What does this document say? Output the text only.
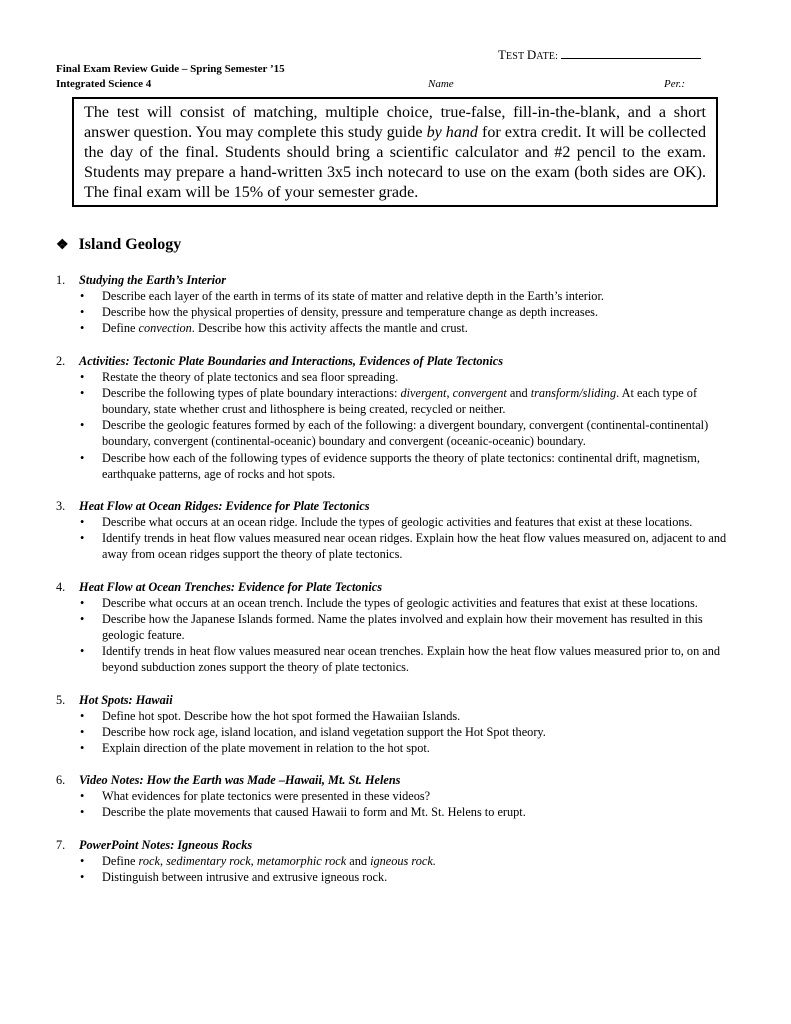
TEST DATE:
Final Exam Review Guide – Spring Semester ’15
Integrated Science 4	Name	Per.:
The test will consist of matching, multiple choice, true-false, fill-in-the-blank, and a short answer question. You may complete this study guide by hand for extra credit. It will be collected the day of the final. Students should bring a scientific calculator and #2 pencil to the exam. Students may prepare a hand-written 3x5 inch notecard to use on the exam (both sides are OK). The final exam will be 15% of your semester grade.
❖ Island Geology
1. Studying the Earth’s Interior
• Describe each layer of the earth in terms of its state of matter and relative depth in the Earth’s interior.
• Describe how the physical properties of density, pressure and temperature change as depth increases.
• Define convection. Describe how this activity affects the mantle and crust.
2. Activities: Tectonic Plate Boundaries and Interactions, Evidences of Plate Tectonics
• Restate the theory of plate tectonics and sea floor spreading.
• Describe the following types of plate boundary interactions: divergent, convergent and transform/sliding. At each type of boundary, state whether crust and lithosphere is being created, recycled or neither.
• Describe the geologic features formed by each of the following: a divergent boundary, convergent (continental-continental) boundary, convergent (continental-oceanic) boundary and convergent (oceanic-oceanic) boundary.
• Describe how each of the following types of evidence supports the theory of plate tectonics: continental drift, magnetism, earthquake patterns, age of rocks and hot spots.
3. Heat Flow at Ocean Ridges: Evidence for Plate Tectonics
• Describe what occurs at an ocean ridge. Include the types of geologic activities and features that exist at these locations.
• Identify trends in heat flow values measured near ocean ridges. Explain how the heat flow values measured on, adjacent to and away from ocean ridges support the theory of plate tectonics.
4. Heat Flow at Ocean Trenches: Evidence for Plate Tectonics
• Describe what occurs at an ocean trench. Include the types of geologic activities and features that exist at these locations.
• Describe how the Japanese Islands formed. Name the plates involved and explain how their movement has resulted in this geologic feature.
• Identify trends in heat flow values measured near ocean trenches. Explain how the heat flow values measured prior to, on and beyond subduction zones support the theory of plate tectonics.
5. Hot Spots: Hawaii
• Define hot spot. Describe how the hot spot formed the Hawaiian Islands.
• Describe how rock age, island location, and island vegetation support the Hot Spot theory.
• Explain direction of the plate movement in relation to the hot spot.
6. Video Notes: How the Earth was Made –Hawaii, Mt. St. Helens
• What evidences for plate tectonics were presented in these videos?
• Describe the plate movements that caused Hawaii to form and Mt. St. Helens to erupt.
7. PowerPoint Notes: Igneous Rocks
• Define rock, sedimentary rock, metamorphic rock and igneous rock.
• Distinguish between intrusive and extrusive igneous rock.
